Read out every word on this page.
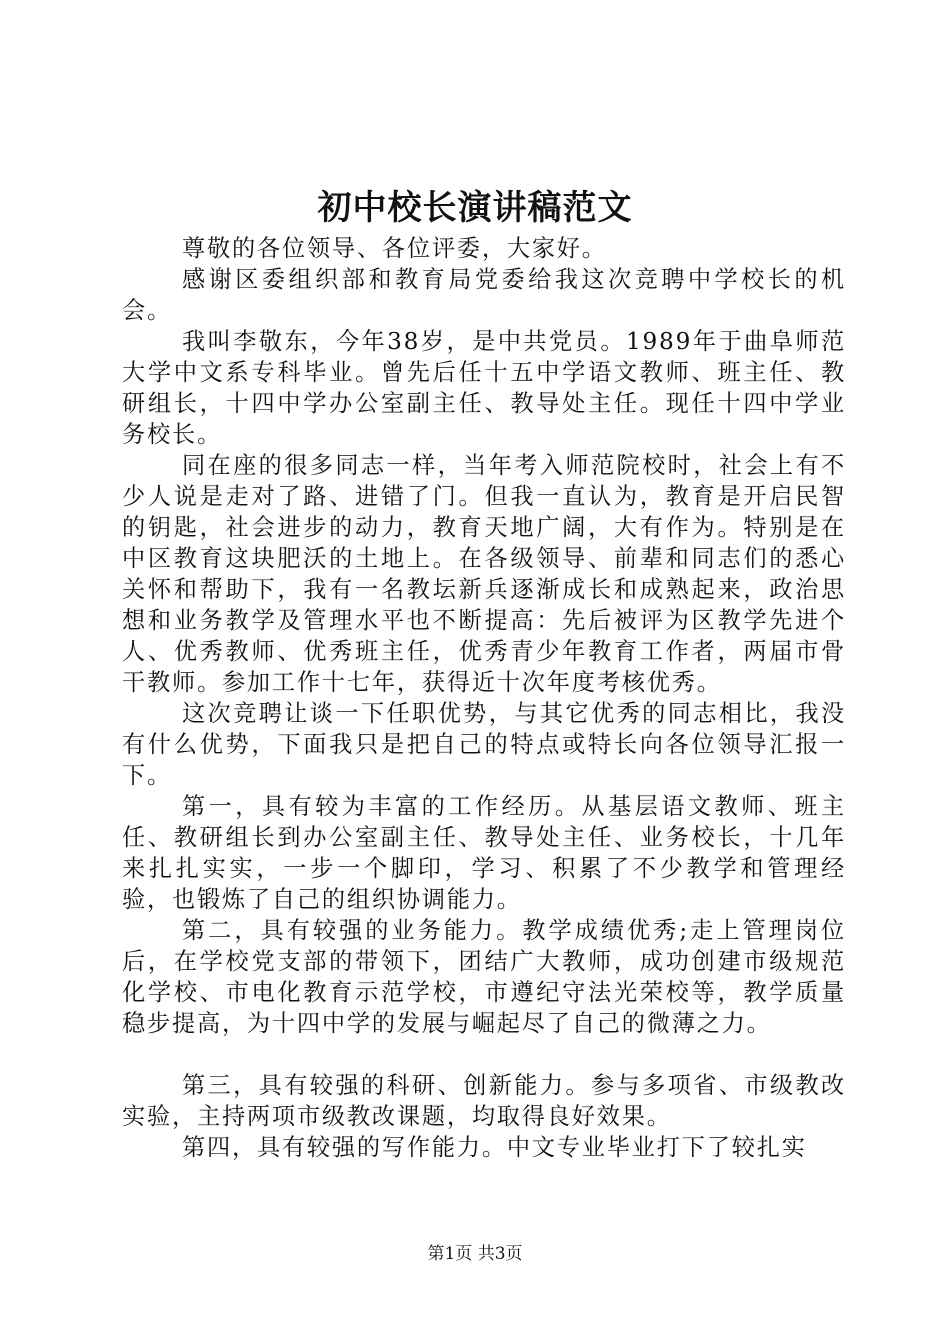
初中校长演讲稿范文

尊敬的各位领导、各位评委，大家好。

感谢区委组织部和教育局党委给我这次竞聘中学校长的机会。

我叫李敬东，今年38岁，是中共党员。1989年于曲阜师范大学中文系专科毕业。曾先后任十五中学语文教师、班主任、教研组长，十四中学办公室副主任、教导处主任。现任十四中学业务校长。

同在座的很多同志一样，当年考入师范院校时，社会上有不少人说是走对了路、进错了门。但我一直认为，教育是开启民智的钥匙，社会进步的动力，教育天地广阔，大有作为。特别是在中区教育这块肥沃的土地上。在各级领导、前辈和同志们的悉心关怀和帮助下，我有一名教坛新兵逐渐成长和成熟起来，政治思想和业务教学及管理水平也不断提高：先后被评为区教学先进个人、优秀教师、优秀班主任，优秀青少年教育工作者，两届市骨干教师。参加工作十七年，获得近十次年度考核优秀。

这次竞聘让谈一下任职优势，与其它优秀的同志相比，我没有什么优势，下面我只是把自己的特点或特长向各位领导汇报一下。

第一，具有较为丰富的工作经历。从基层语文教师、班主任、教研组长到办公室副主任、教导处主任、业务校长，十几年来扎扎实实，一步一个脚印，学习、积累了不少教学和管理经验，也锻炼了自己的组织协调能力。

第二，具有较强的业务能力。教学成绩优秀;走上管理岗位后，在学校党支部的带领下，团结广大教师，成功创建市级规范化学校、市电化教育示范学校，市遵纪守法光荣校等，教学质量稳步提高，为十四中学的发展与崛起尽了自己的微薄之力。

第三，具有较强的科研、创新能力。参与多项省、市级教改实验，主持两项市级教改课题，均取得良好效果。

第四，具有较强的写作能力。中文专业毕业打下了较扎实

第1页 共3页
